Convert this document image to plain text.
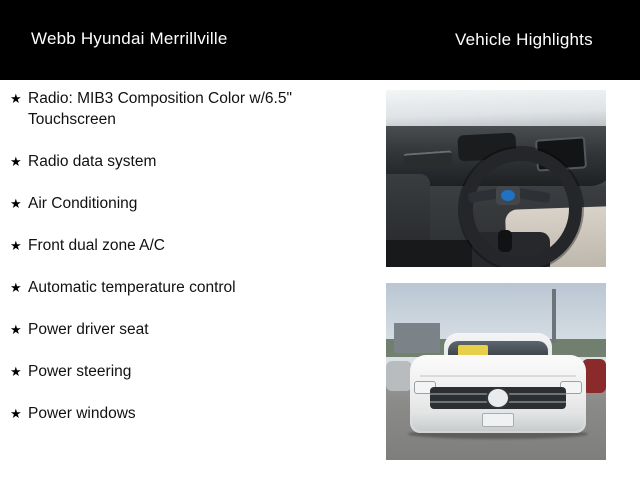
Webb Hyundai Merrillville	Vehicle Highlights
★ Radio: MIB3 Composition Color w/6.5" Touchscreen
★ Radio data system
★ Air Conditioning
★ Front dual zone A/C
★ Automatic temperature control
★ Power driver seat
★ Power steering
★ Power windows
